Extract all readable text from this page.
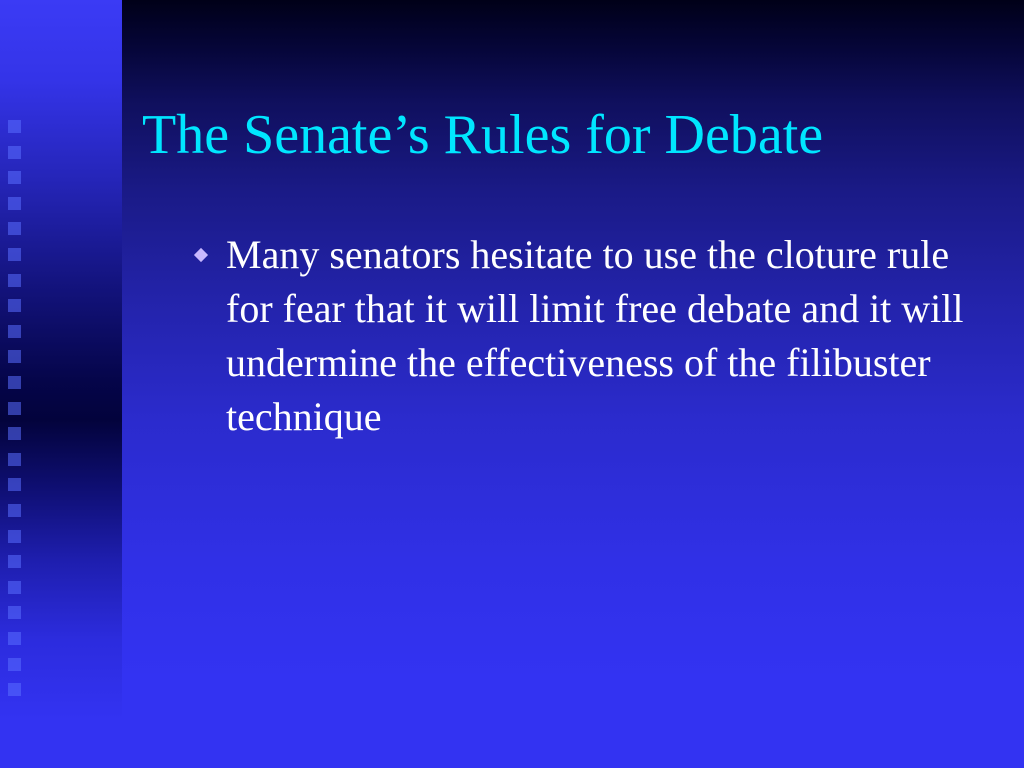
The Senate’s Rules for Debate
Many senators hesitate to use the cloture rule for fear that it will limit free debate and it will undermine the effectiveness of the filibuster technique
